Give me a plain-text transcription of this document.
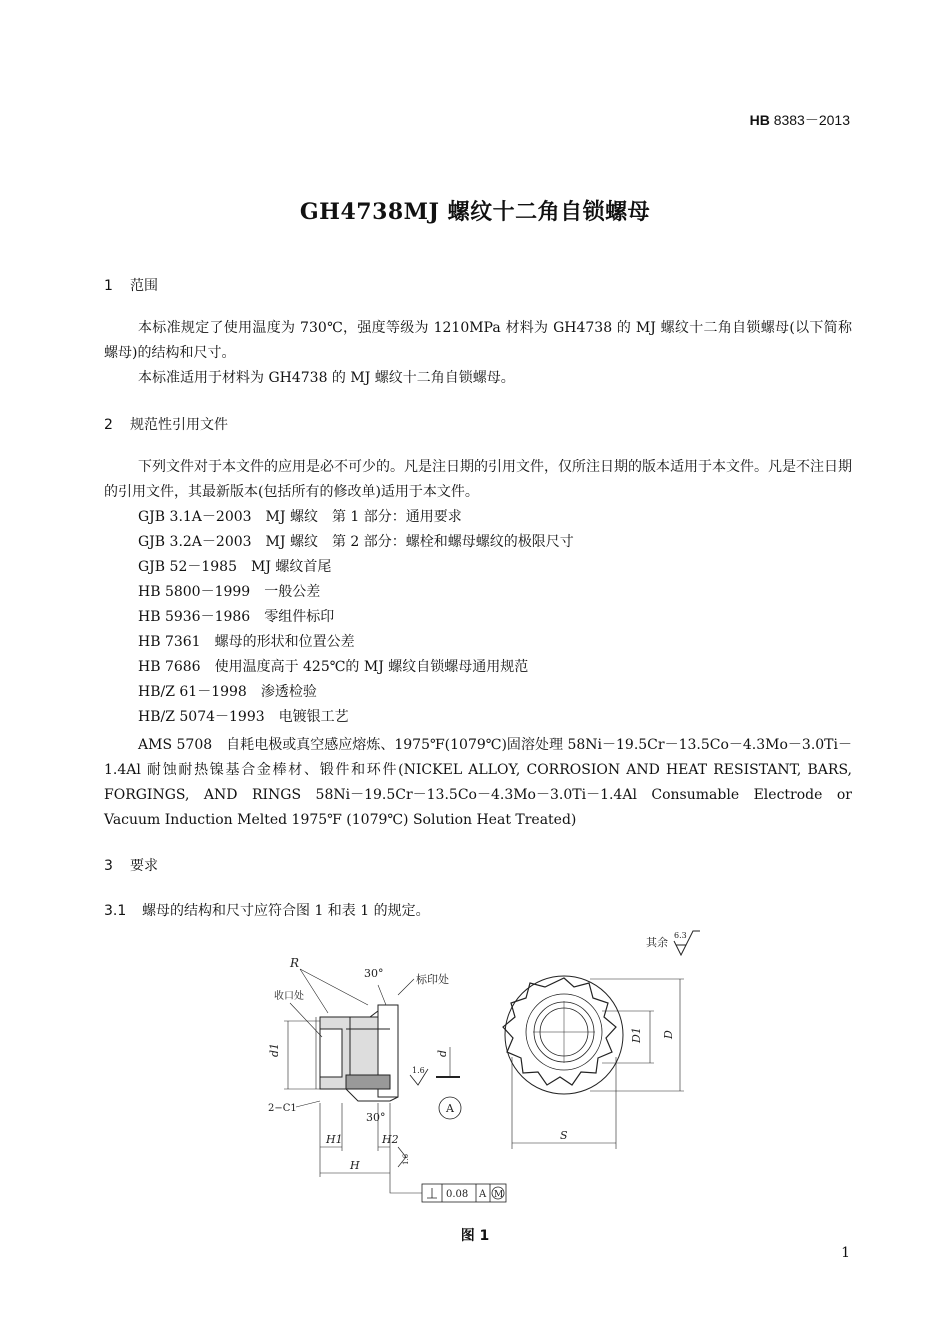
HB 8383－2013
GH4738MJ 螺纹十二角自锁螺母
1 范围
本标准规定了使用温度为 730℃，强度等级为 1210MPa 材料为 GH4738 的 MJ 螺纹十二角自锁螺母(以下简称螺母)的结构和尺寸。
本标准适用于材料为 GH4738 的 MJ 螺纹十二角自锁螺母。
2 规范性引用文件
下列文件对于本文件的应用是必不可少的。凡是注日期的引用文件，仅所注日期的版本适用于本文件。凡是不注日期的引用文件，其最新版本(包括所有的修改单)适用于本文件。
GJB 3.1A－2003 MJ 螺纹　第 1 部分：通用要求
GJB 3.2A－2003 MJ 螺纹　第 2 部分：螺栓和螺母螺纹的极限尺寸
GJB 52－1985 MJ 螺纹首尾
HB 5800－1999 一般公差
HB 5936－1986 零组件标印
HB 7361 螺母的形状和位置公差
HB 7686 使用温度高于 425℃的 MJ 螺纹自锁螺母通用规范
HB/Z 61－1998 渗透检验
HB/Z 5074－1993 电镀银工艺
AMS 5708　自耗电极或真空感应熔炼、1975℉(1079℃)固溶处理 58Ni－19.5Cr－13.5Co－4.3Mo－3.0Ti－1.4Al 耐蚀耐热镍基合金棒材、锻件和环件(NICKEL ALLOY, CORROSION AND HEAT RESISTANT, BARS, FORGINGS, AND RINGS 58Ni－19.5Cr－13.5Co－4.3Mo－3.0Ti－1.4Al Consumable Electrode or Vacuum Induction Melted 1975℉ (1079℃) Solution Heat Treated)
3 要求
3.1 螺母的结构和尺寸应符合图 1 和表 1 的规定。
其余
6.3
d1
R
30°	标印处
收口处
d
1.6
A
2−C1
30°
H1	H2
H	1.6
0.08 A M
D1 D
S
图 1
1
